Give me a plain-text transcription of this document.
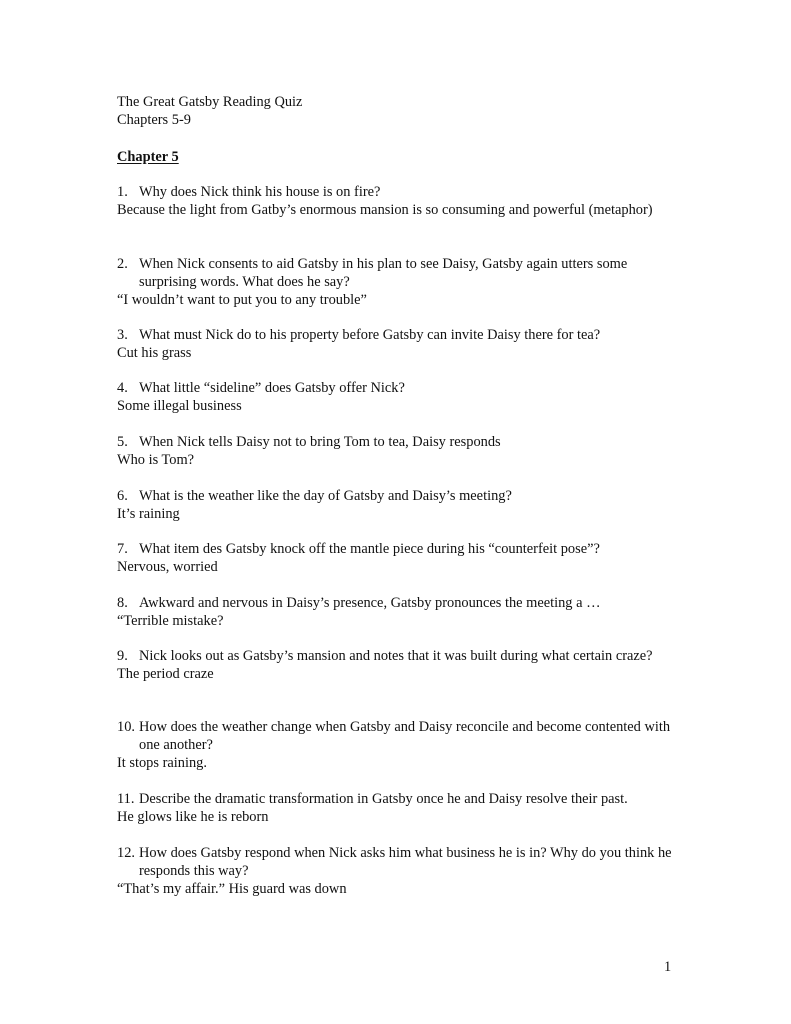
The Great Gatsby Reading Quiz
Chapters 5-9
Chapter 5
1. Why does Nick think his house is on fire?
Because the light from Gatby’s enormous mansion is so consuming and powerful (metaphor)
2. When Nick consents to aid Gatsby in his plan to see Daisy, Gatsby again utters some surprising words. What does he say?
“I wouldn’t want to put you to any trouble”
3. What must Nick do to his property before Gatsby can invite Daisy there for tea?
Cut his grass
4. What little “sideline” does Gatsby offer Nick?
Some illegal business
5. When Nick tells Daisy not to bring Tom to tea, Daisy responds
Who is Tom?
6. What is the weather like the day of Gatsby and Daisy’s meeting?
It’s raining
7. What item des Gatsby knock off the mantle piece during his “counterfeit pose”?
Nervous, worried
8. Awkward and nervous in Daisy’s presence, Gatsby pronounces the meeting a …
“Terrible mistake?
9. Nick looks out as Gatsby’s mansion and notes that it was built during what certain craze?
The period craze
10. How does the weather change when Gatsby and Daisy reconcile and become contented with one another?
It stops raining.
11. Describe the dramatic transformation in Gatsby once he and Daisy resolve their past.
He glows like he is reborn
12. How does Gatsby respond when Nick asks him what business he is in? Why do you think he responds this way?
“That’s my affair.” His guard was down
1
